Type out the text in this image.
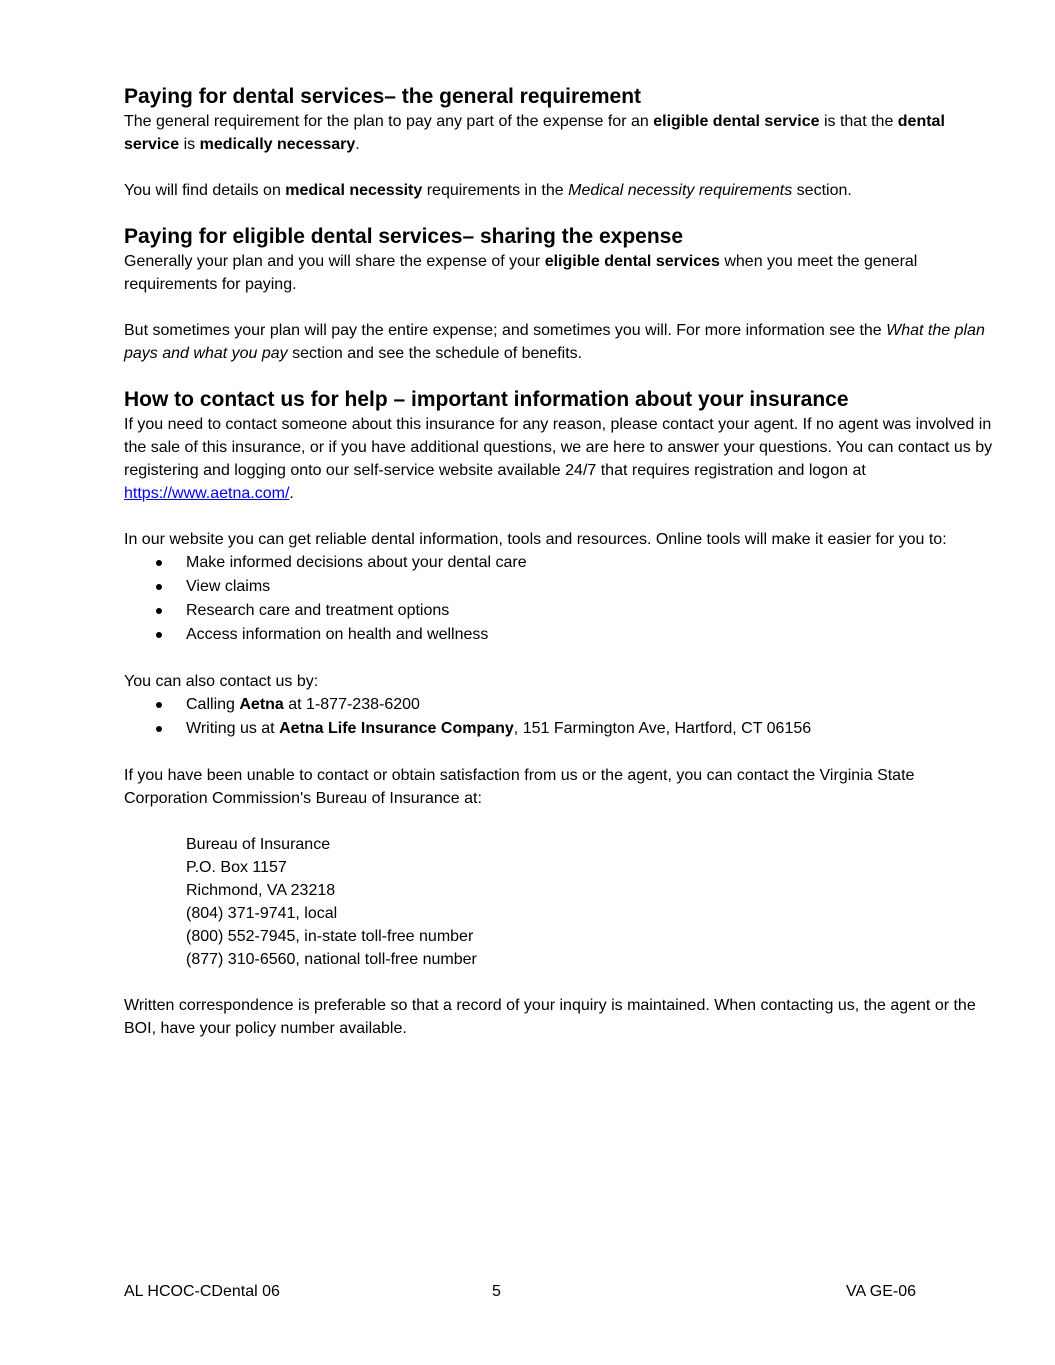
Paying for dental services– the general requirement

The general requirement for the plan to pay any part of the expense for an eligible dental service is that the dental service is medically necessary.

You will find details on medical necessity requirements in the Medical necessity requirements section.

Paying for eligible dental services– sharing the expense

Generally your plan and you will share the expense of your eligible dental services when you meet the general requirements for paying.

But sometimes your plan will pay the entire expense; and sometimes you will. For more information see the What the plan pays and what you pay section and see the schedule of benefits.

How to contact us for help – important information about your insurance

If you need to contact someone about this insurance for any reason, please contact your agent. If no agent was involved in the sale of this insurance, or if you have additional questions, we are here to answer your questions. You can contact us by registering and logging onto our self-service website available 24/7 that requires registration and logon at https://www.aetna.com/.

In our website you can get reliable dental information, tools and resources. Online tools will make it easier for you to:

Make informed decisions about your dental care
View claims
Research care and treatment options
Access information on health and wellness

You can also contact us by:

Calling Aetna at 1-877-238-6200
Writing us at Aetna Life Insurance Company, 151 Farmington Ave, Hartford, CT 06156

If you have been unable to contact or obtain satisfaction from us or the agent, you can contact the Virginia State Corporation Commission's Bureau of Insurance at:

Bureau of Insurance
P.O. Box 1157
Richmond, VA 23218
(804) 371-9741, local
(800) 552-7945, in-state toll-free number
(877) 310-6560, national toll-free number

Written correspondence is preferable so that a record of your inquiry is maintained. When contacting us, the agent or the BOI, have your policy number available.

AL HCOC-CDental 06	5	VA GE-06
